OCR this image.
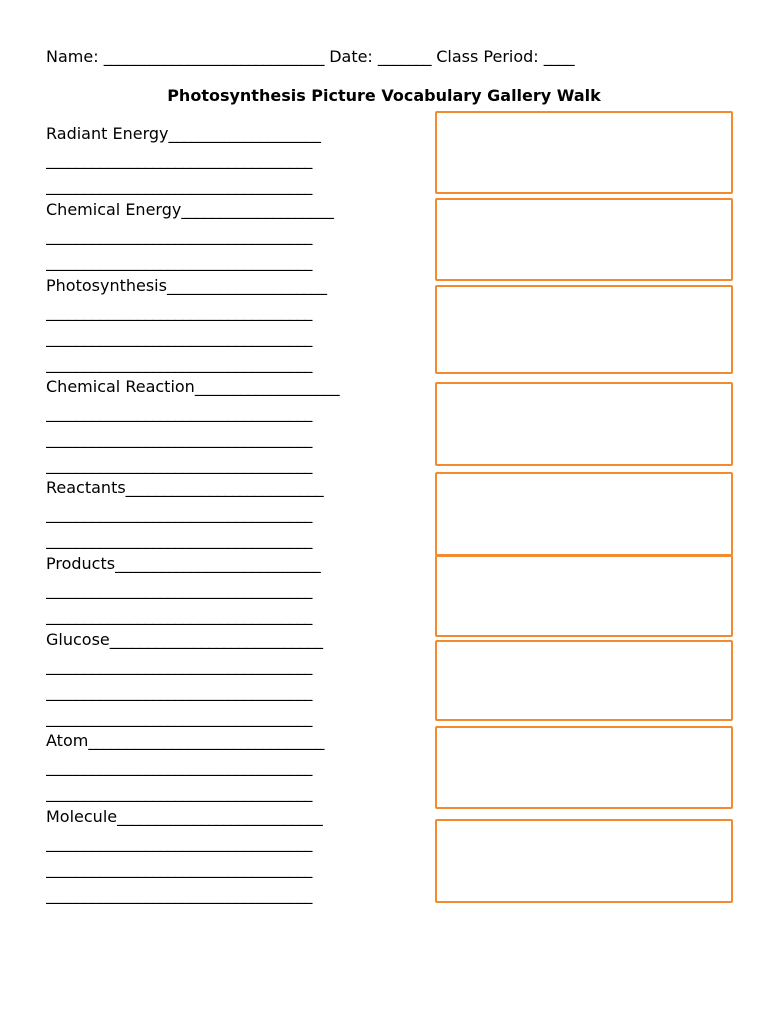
Name: _____________________________ Date: _______ Class Period: ____
Photosynthesis Picture Vocabulary Gallery Walk
Radiant Energy____________________
___________________________________
___________________________________
Chemical Energy____________________
___________________________________
___________________________________
Photosynthesis_____________________
___________________________________
___________________________________
___________________________________
Chemical Reaction___________________
___________________________________
___________________________________
___________________________________
Reactants__________________________
___________________________________
___________________________________
Products___________________________
___________________________________
___________________________________
Glucose____________________________
___________________________________
___________________________________
___________________________________
Atom_______________________________
___________________________________
___________________________________
Molecule___________________________
___________________________________
___________________________________
___________________________________
